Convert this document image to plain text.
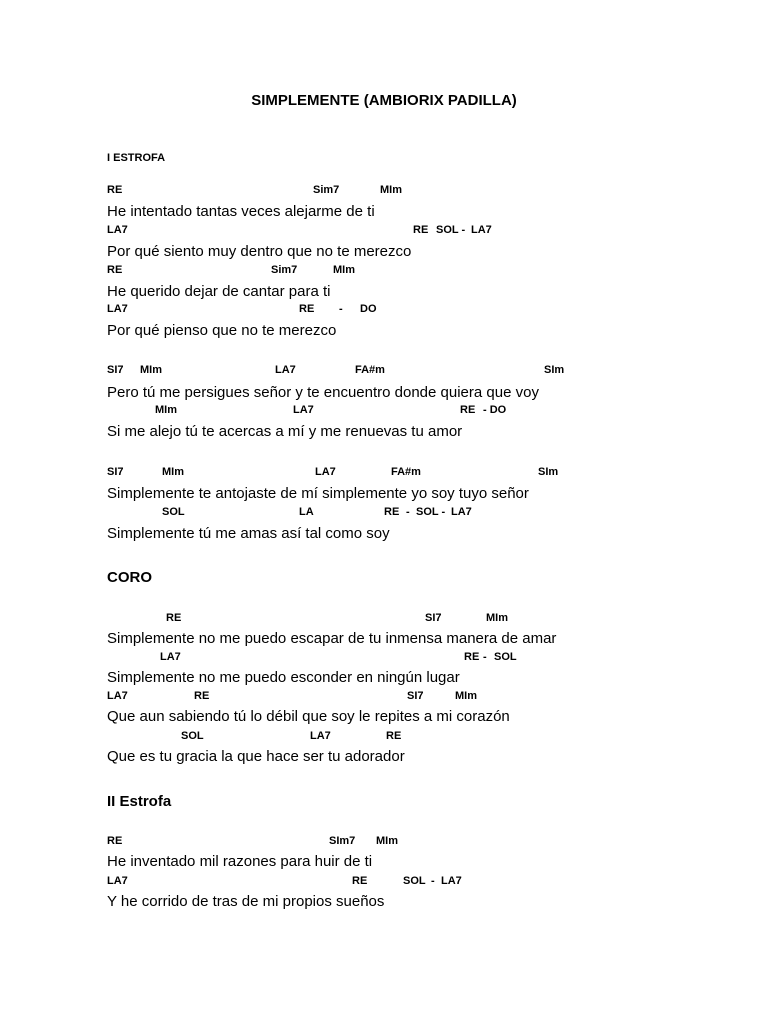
SIMPLEMENTE (AMBIORIX PADILLA)
I ESTROFA
RE	Sim7	MIm
He intentado tantas veces alejarme de ti
LA7	RE SOL - LA7
Por qué siento muy dentro que no te merezco
RE	Sim7	MIm
He querido dejar de cantar para ti
LA7	RE - DO
Por qué pienso que no te merezco
SI7 MIm	LA7	FA#m	SIm
Pero tú me persigues señor y te encuentro donde quiera que voy
MIm	LA7	RE - DO
Si me alejo tú te acercas a mí y me renuevas tu amor
SI7	MIm	LA7	FA#m	SIm
Simplemente te antojaste de mí simplemente yo soy tuyo señor
SOL	LA	RE - SOL - LA7
Simplemente tú me amas así tal como soy
CORO
RE	SI7	MIm
Simplemente no me puedo escapar de tu inmensa manera de amar
LA7	RE - SOL
Simplemente no me puedo esconder en ningún lugar
LA7	RE	SI7	MIm
Que aun sabiendo tú lo débil que soy le repites a mi corazón
SOL	LA7	RE
Que es tu gracia la que hace ser tu adorador
II Estrofa
RE	SIm7 MIm
He inventado mil razones para huir de ti
LA7	RE	SOL - LA7
Y he corrido de tras de mi propios sueños
